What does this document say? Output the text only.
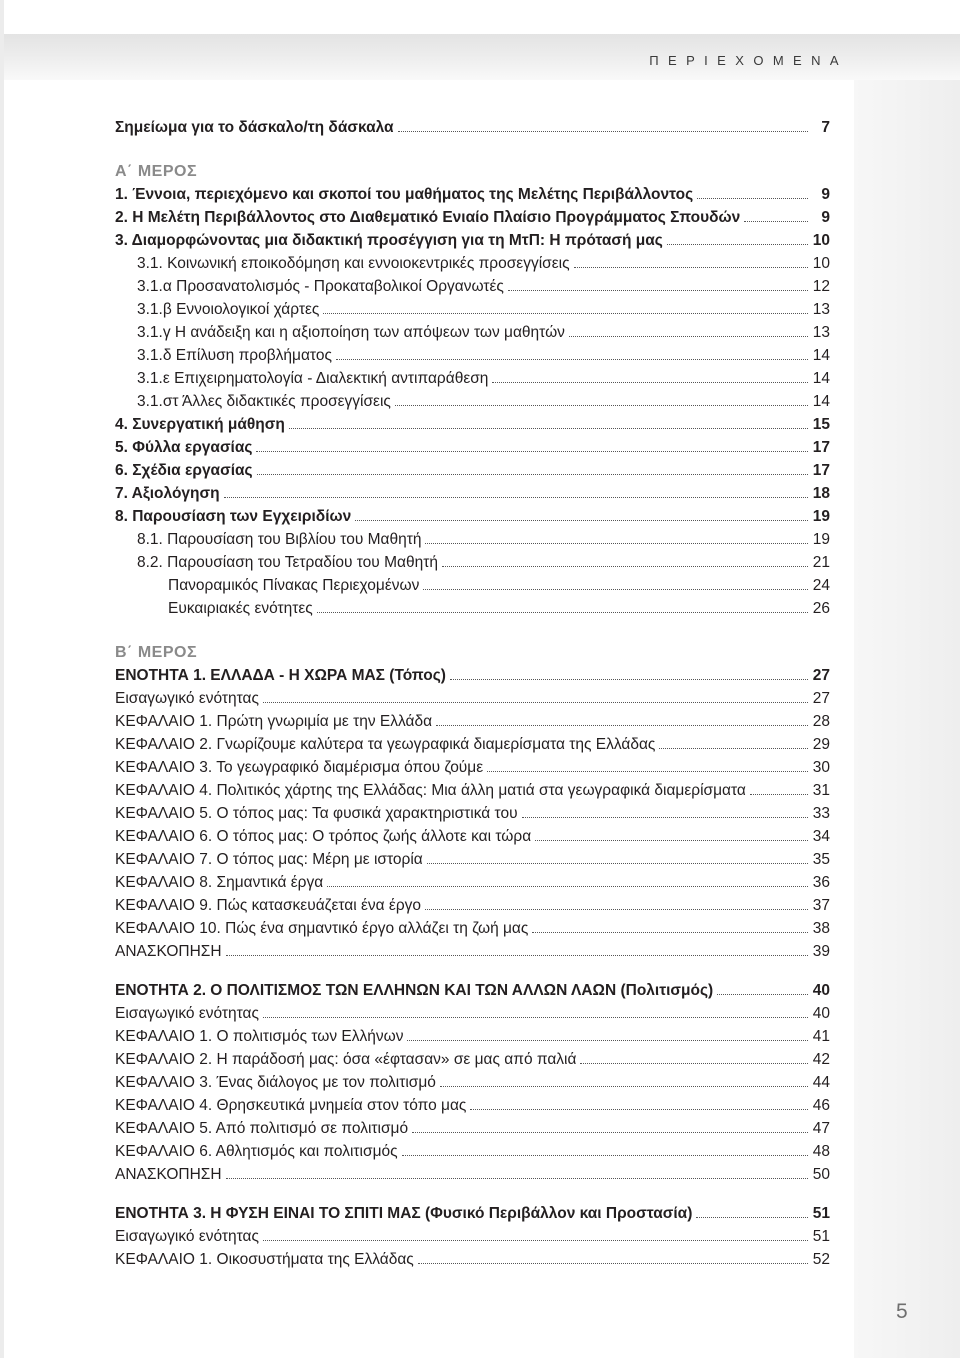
ΠΕΡΙΕΧΟΜΕΝΑ
Σημείωμα για το δάσκαλο/τη δάσκαλα	7
Α΄ ΜΕΡΟΣ
1. Έννοια, περιεχόμενο και σκοποί του μαθήματος της Μελέτης Περιβάλλοντος	9
2. Η Μελέτη Περιβάλλοντος στο Διαθεματικό Ενιαίο Πλαίσιο Προγράμματος Σπουδών	9
3. Διαμορφώνοντας μια διδακτική προσέγγιση για τη ΜτΠ: Η πρότασή μας	10
3.1. Κοινωνική εποικοδόμηση και εννοιοκεντρικές προσεγγίσεις	10
3.1.α Προσανατολισμός - Προκαταβολικοί Οργανωτές	12
3.1.β Εννοιολογικοί χάρτες	13
3.1.γ Η ανάδειξη και η αξιοποίηση των απόψεων των μαθητών	13
3.1.δ Επίλυση προβλήματος	14
3.1.ε Επιχειρηματολογία - Διαλεκτική αντιπαράθεση	14
3.1.στ Άλλες διδακτικές προσεγγίσεις	14
4. Συνεργατική μάθηση	15
5. Φύλλα εργασίας	17
6. Σχέδια εργασίας	17
7. Αξιολόγηση	18
8. Παρουσίαση των Εγχειριδίων	19
8.1. Παρουσίαση του Βιβλίου του Μαθητή	19
8.2. Παρουσίαση του Τετραδίου του Μαθητή	21
Πανοραμικός Πίνακας Περιεχομένων	24
Ευκαιριακές ενότητες	26
Β΄ ΜΕΡΟΣ
ΕΝΟΤΗΤΑ 1. ΕΛΛΑΔΑ - Η ΧΩΡΑ ΜΑΣ (Τόπος)	27
Εισαγωγικό ενότητας	27
ΚΕΦΑΛΑΙΟ 1. Πρώτη γνωριμία με την Ελλάδα	28
ΚΕΦΑΛΑΙΟ 2. Γνωρίζουμε καλύτερα τα γεωγραφικά διαμερίσματα της Ελλάδας	29
ΚΕΦΑΛΑΙΟ 3. Το γεωγραφικό διαμέρισμα όπου ζούμε	30
ΚΕΦΑΛΑΙΟ 4. Πολιτικός χάρτης της Ελλάδας: Μια άλλη ματιά στα γεωγραφικά διαμερίσματα	31
ΚΕΦΑΛΑΙΟ 5. Ο τόπος μας: Τα φυσικά χαρακτηριστικά του	33
ΚΕΦΑΛΑΙΟ 6. Ο τόπος μας: Ο τρόπος ζωής άλλοτε και τώρα	34
ΚΕΦΑΛΑΙΟ 7. Ο τόπος μας: Μέρη με ιστορία	35
ΚΕΦΑΛΑΙΟ 8. Σημαντικά έργα	36
ΚΕΦΑΛΑΙΟ 9. Πώς κατασκευάζεται ένα έργο	37
ΚΕΦΑΛΑΙΟ 10. Πώς ένα σημαντικό έργο αλλάζει τη ζωή μας	38
ΑΝΑΣΚΟΠΗΣΗ	39
ΕΝΟΤΗΤΑ 2. Ο ΠΟΛΙΤΙΣΜΟΣ ΤΩΝ ΕΛΛΗΝΩΝ ΚΑΙ ΤΩΝ ΑΛΛΩΝ ΛΑΩΝ (Πολιτισμός)	40
Εισαγωγικό ενότητας	40
ΚΕΦΑΛΑΙΟ 1. Ο πολιτισμός των Ελλήνων	41
ΚΕΦΑΛΑΙΟ 2. Η παράδοσή μας: όσα «έφτασαν» σε μας από παλιά	42
ΚΕΦΑΛΑΙΟ 3. Ένας διάλογος με τον πολιτισμό	44
ΚΕΦΑΛΑΙΟ 4. Θρησκευτικά μνημεία στον τόπο μας	46
ΚΕΦΑΛΑΙΟ 5. Από πολιτισμό σε πολιτισμό	47
ΚΕΦΑΛΑΙΟ 6. Αθλητισμός και πολιτισμός	48
ΑΝΑΣΚΟΠΗΣΗ	50
ΕΝΟΤΗΤΑ 3. Η ΦΥΣΗ ΕΙΝΑΙ ΤΟ ΣΠΙΤΙ ΜΑΣ (Φυσικό Περιβάλλον και Προστασία)	51
Εισαγωγικό ενότητας	51
ΚΕΦΑΛΑΙΟ 1. Οικοσυστήματα της Ελλάδας	52
5
